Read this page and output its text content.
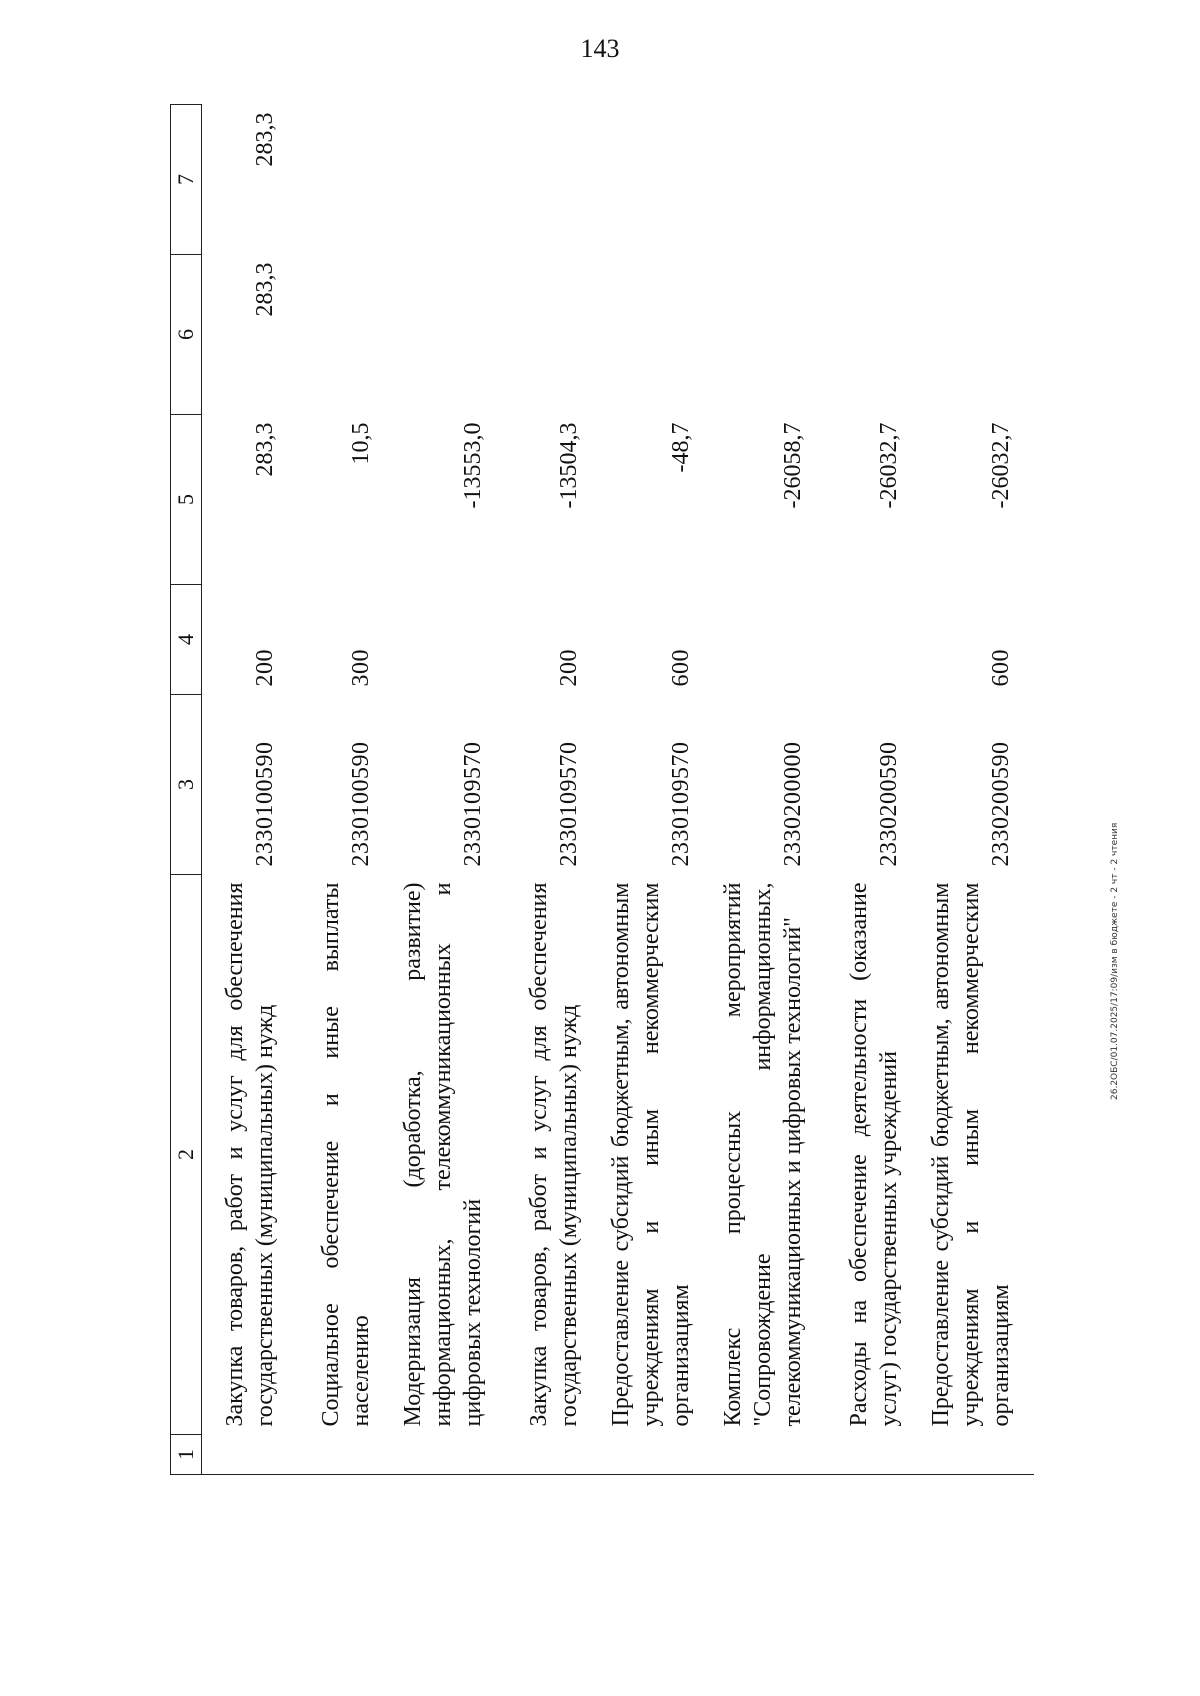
143
1	2	3	4	5	6	7
	Закупка товаров, работ и услуг для обеспечения государственных (муниципальных) нужд	2330100590	200	283,3	283,3	283,3
	Социальное обеспечение и иные выплаты населению	2330100590	300	10,5		
	Модернизация (доработка, развитие) информационных, телекоммуникационных и цифровых технологий	2330109570		-13553,0		
	Закупка товаров, работ и услуг для обеспечения государственных (муниципальных) нужд	2330109570	200	-13504,3		
	Предоставление субсидий бюджетным, автономным учреждениям и иным некоммерческим организациям	2330109570	600	-48,7		
	Комплекс процессных мероприятий "Сопровождение информационных, телекоммуникационных и цифровых технологий"	2330200000		-26058,7		
	Расходы на обеспечение деятельности (оказание услуг) государственных учреждений	2330200590		-26032,7		
	Предоставление субсидий бюджетным, автономным учреждениям и иным некоммерческим организациям	2330200590	600	-26032,7		
26.2ОБС/01.07.2025/17:09/изм в бюджете - 2 чт - 2 чтения
